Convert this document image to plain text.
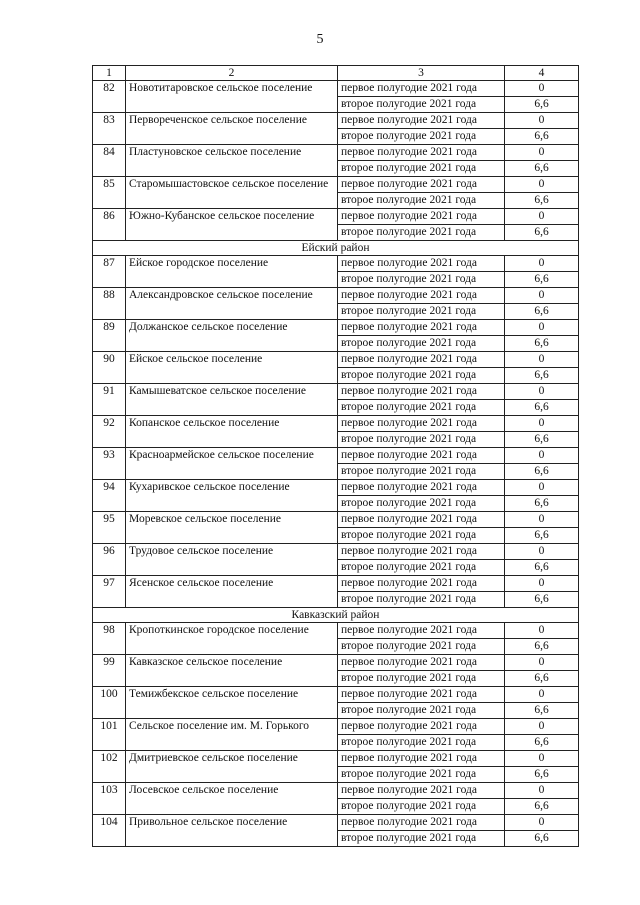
5
1	2	3	4
82	Новотитаровское сельское поселение	первое полугодие 2021 года	0
		второе полугодие 2021 года	6,6
83	Первореченское сельское поселение	первое полугодие 2021 года	0
		второе полугодие 2021 года	6,6
84	Пластуновское сельское поселение	первое полугодие 2021 года	0
		второе полугодие 2021 года	6,6
85	Старомышастовское сельское поселение	первое полугодие 2021 года	0
		второе полугодие 2021 года	6,6
86	Южно-Кубанское сельское поселение	первое полугодие 2021 года	0
		второе полугодие 2021 года	6,6
Ейский район			
87	Ейское городское поселение	первое полугодие 2021 года	0
		второе полугодие 2021 года	6,6
88	Александровское сельское поселение	первое полугодие 2021 года	0
		второе полугодие 2021 года	6,6
89	Должанское сельское поселение	первое полугодие 2021 года	0
		второе полугодие 2021 года	6,6
90	Ейское сельское поселение	первое полугодие 2021 года	0
		второе полугодие 2021 года	6,6
91	Камышеватское сельское поселение	первое полугодие 2021 года	0
		второе полугодие 2021 года	6,6
92	Копанское сельское поселение	первое полугодие 2021 года	0
		второе полугодие 2021 года	6,6
93	Красноармейское сельское поселение	первое полугодие 2021 года	0
		второе полугодие 2021 года	6,6
94	Кухаривское сельское поселение	первое полугодие 2021 года	0
		второе полугодие 2021 года	6,6
95	Моревское сельское поселение	первое полугодие 2021 года	0
		второе полугодие 2021 года	6,6
96	Трудовое сельское поселение	первое полугодие 2021 года	0
		второе полугодие 2021 года	6,6
97	Ясенское сельское поселение	первое полугодие 2021 года	0
		второе полугодие 2021 года	6,6
Кавказский район			
98	Кропоткинское городское поселение	первое полугодие 2021 года	0
		второе полугодие 2021 года	6,6
99	Кавказское сельское поселение	первое полугодие 2021 года	0
		второе полугодие 2021 года	6,6
100	Темижбекское сельское поселение	первое полугодие 2021 года	0
		второе полугодие 2021 года	6,6
101	Сельское поселение им. М. Горького	первое полугодие 2021 года	0
		второе полугодие 2021 года	6,6
102	Дмитриевское сельское поселение	первое полугодие 2021 года	0
		второе полугодие 2021 года	6,6
103	Лосевское сельское поселение	первое полугодие 2021 года	0
		второе полугодие 2021 года	6,6
104	Привольное сельское поселение	первое полугодие 2021 года	0
		второе полугодие 2021 года	6,6
